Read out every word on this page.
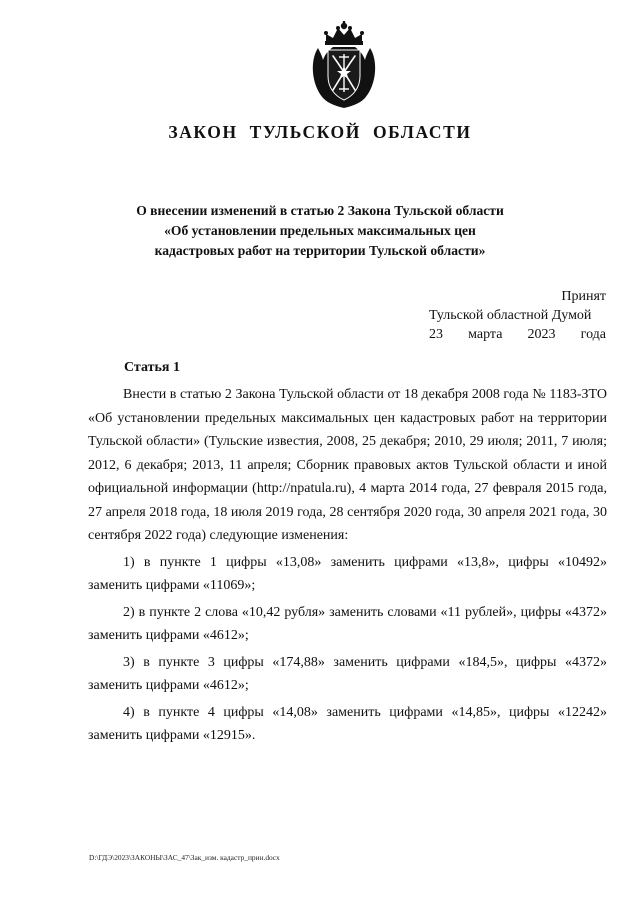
ЗАКОН ТУЛЬСКОЙ ОБЛАСТИ
О внесении изменений в статью 2 Закона Тульской области
«Об установлении предельных максимальных цен
кадастровых работ на территории Тульской области»
Принят
Тульской областной Думой
23 марта 2023 года
Статья 1

Внести в статью 2 Закона Тульской области от 18 декабря 2008 года № 1183-ЗТО «Об установлении предельных максимальных цен кадастровых работ на территории Тульской области» (Тульские известия, 2008, 25 декабря; 2010, 29 июля; 2011, 7 июля; 2012, 6 декабря; 2013, 11 апреля; Сборник правовых актов Тульской области и иной официальной информации (http://npatula.ru), 4 марта 2014 года, 27 февраля 2015 года, 27 апреля 2018 года, 18 июля 2019 года, 28 сентября 2020 года, 30 апреля 2021 года, 30 сентября 2022 года) следующие изменения:

1) в пункте 1 цифры «13,08» заменить цифрами «13,8», цифры «10492» заменить цифрами «11069»;

2) в пункте 2 слова «10,42 рубля» заменить словами «11 рублей», цифры «4372» заменить цифрами «4612»;

3) в пункте 3 цифры «174,88» заменить цифрами «184,5», цифры «4372» заменить цифрами «4612»;

4) в пункте 4 цифры «14,08» заменить цифрами «14,85», цифры «12242» заменить цифрами «12915».

D:\ГДЭ\2023\ЗАКОНЫ\ЗАС_47\Зак_изм. кадастр_прин.docx
